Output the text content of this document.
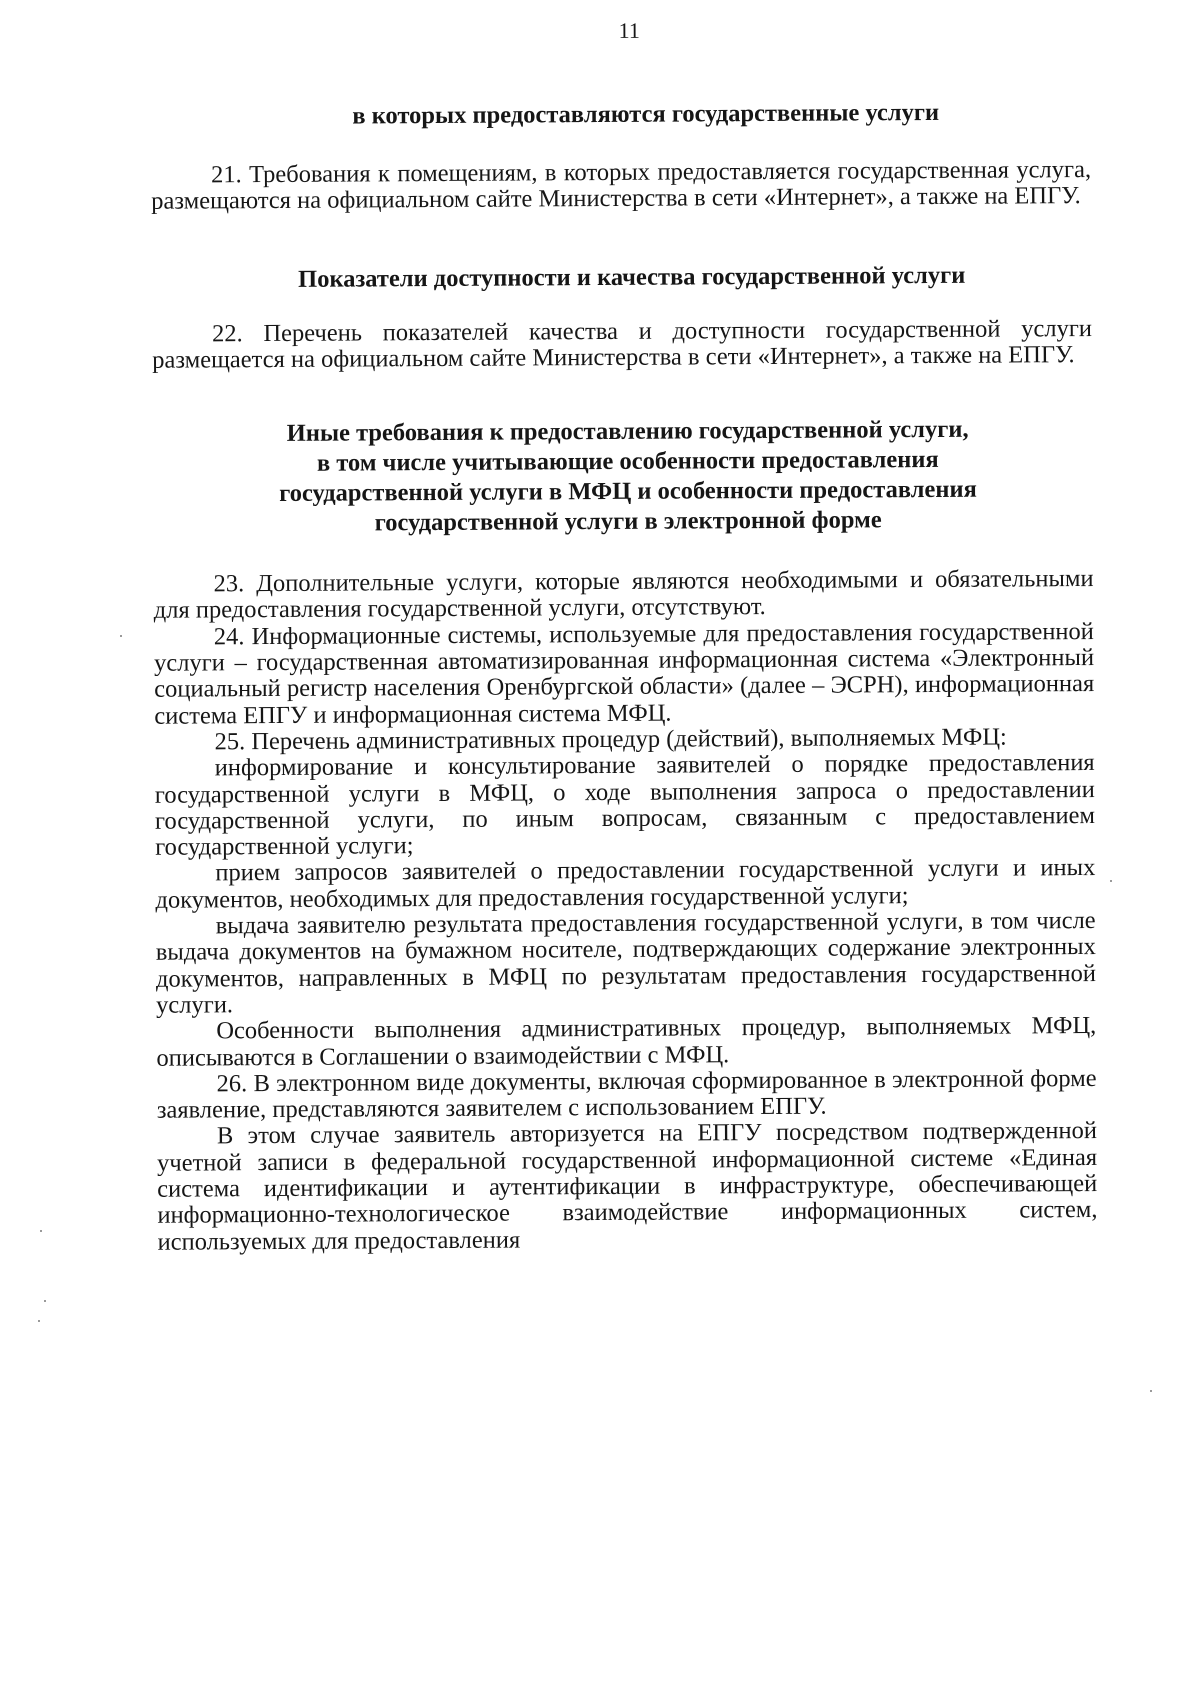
11
в которых предоставляются государственные услуги

21. Требования к помещениям, в которых предоставляется государственная услуга, размещаются на официальном сайте Министерства в сети «Интернет», а также на ЕПГУ.

Показатели доступности и качества государственной услуги

22. Перечень показателей качества и доступности государственной услуги размещается на официальном сайте Министерства в сети «Интернет», а также на ЕПГУ.

Иные требования к предоставлению государственной услуги,
в том числе учитывающие особенности предоставления
государственной услуги в МФЦ и особенности предоставления
государственной услуги в электронной форме

23. Дополнительные услуги, которые являются необходимыми и обязательными для предоставления государственной услуги, отсутствуют.

24. Информационные системы, используемые для предоставления государственной услуги – государственная автоматизированная информационная система «Электронный социальный регистр населения Оренбургской области» (далее – ЭСРН), информационная система ЕПГУ и информационная система МФЦ.

25. Перечень административных процедур (действий), выполняемых МФЦ:

информирование и консультирование заявителей о порядке предоставления государственной услуги в МФЦ, о ходе выполнения запроса о предоставлении государственной услуги, по иным вопросам, связанным с предоставлением государственной услуги;

прием запросов заявителей о предоставлении государственной услуги и иных документов, необходимых для предоставления государственной услуги;

выдача заявителю результата предоставления государственной услуги, в том числе выдача документов на бумажном носителе, подтверждающих содержание электронных документов, направленных в МФЦ по результатам предоставления государственной услуги.

Особенности выполнения административных процедур, выполняемых МФЦ, описываются в Соглашении о взаимодействии с МФЦ.

26. В электронном виде документы, включая сформированное в электронной форме заявление, представляются заявителем с использованием ЕПГУ.

В этом случае заявитель авторизуется на ЕПГУ посредством подтвержденной учетной записи в федеральной государственной информационной системе «Единая система идентификации и аутентификации в инфраструктуре, обеспечивающей информационно-технологическое взаимодействие информационных систем, используемых для предоставления
